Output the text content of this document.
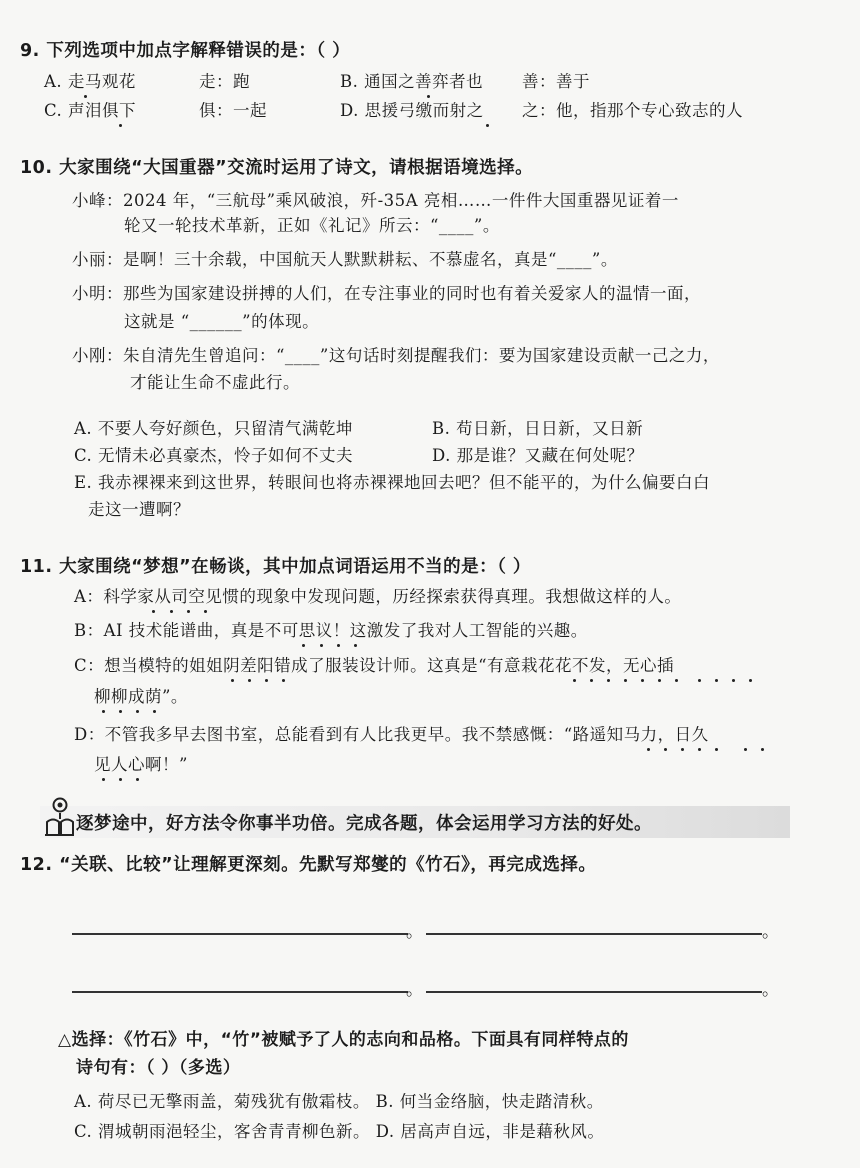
9. 下列选项中加点字解释错误的是：（ ）
A. 走马观花	走：跑	B. 通国之善弈者也 善：善于
C. 声泪俱下	俱：一起	D. 思援弓缴而射之 之：他，指那个专心致志的人
10. 大家围绕“大国重器”交流时运用了诗文，请根据语境选择。
小峰：2024 年，“三航母”乘风破浪，歼-35A 亮相……一件件大国重器见证着一
轮又一轮技术革新，正如《礼记》所云：“____”。
小丽：是啊！三十余载，中国航天人默默耕耘、不慕虚名，真是“____”。
小明：那些为国家建设拼搏的人们，在专注事业的同时也有着关爱家人的温情一面，
这就是 “______”的体现。
小刚：朱自清先生曾追问：“____”这句话时刻提醒我们：要为国家建设贡献一己之力，
才能让生命不虚此行。
A. 不要人夸好颜色，只留清气满乾坤	B. 苟日新，日日新，又日新
C. 无情未必真豪杰，怜子如何不丈夫	D. 那是谁？又藏在何处呢？
E. 我赤裸裸来到这世界，转眼间也将赤裸裸地回去吧？但不能平的，为什么偏要白白
走这一遭啊？
11. 大家围绕“梦想”在畅谈，其中加点词语运用不当的是：（ ）
A：科学家从司空见惯的现象中发现问题，历经探索获得真理。我想做这样的人。
B：AI 技术能谱曲，真是不可思议！这激发了我对人工智能的兴趣。
C：想当模特的姐姐阴差阳错成了服装设计师。这真是“有意栽花花不发，无心插
柳柳成荫”。
D：不管我多早去图书室，总能看到有人比我更早。我不禁感慨：“路遥知马力，日久
见人心啊！”
逐梦途中，好方法令你事半功倍。完成各题，体会运用学习方法的好处。
12. “关联、比较”让理解更深刻。先默写郑燮的《竹石》，再完成选择。
。	。
。	。
△选择：《竹石》中，“竹”被赋予了人的志向和品格。下面具有同样特点的
诗句有：（ ）（多选）
A. 荷尽已无擎雨盖，菊残犹有傲霜枝。 B. 何当金络脑，快走踏清秋。
C. 渭城朝雨浥轻尘，客舍青青柳色新。 D. 居高声自远，非是藉秋风。
